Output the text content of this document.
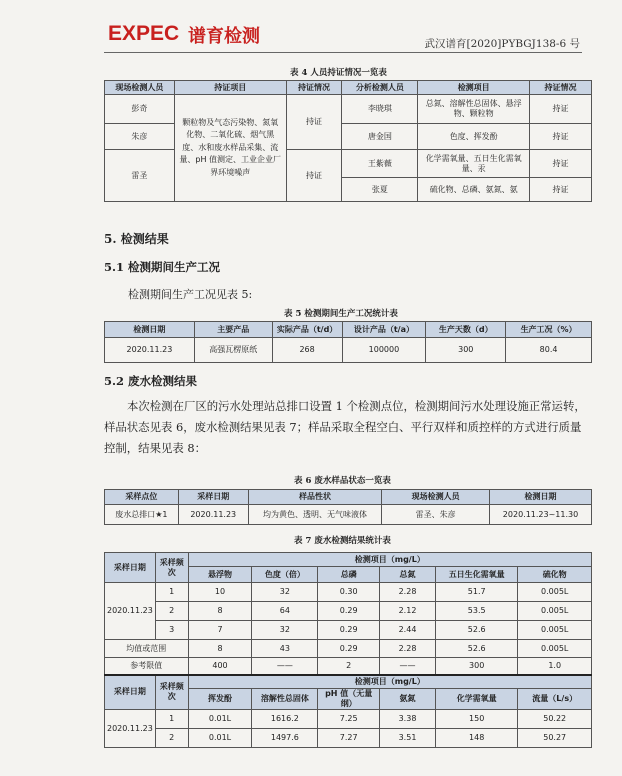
EXPEC 谱育检测	武汉谱育[2020]PYBGJ138-6 号
表 4 人员持证情况一览表
现场检测人员	持证项目	持证情况	分析检测人员	检测项目	持证情况
彭奇	颗粒物及气态污染物、氮氧化物、二氧化硫、烟气黑度、水和废水样品采集、流量、pH 值测定、工业企业厂界环境噪声	持证	李晓琪	总氮、溶解性总固体、悬浮物、颗粒物	持证
朱彦			唐金国	色度、挥发酚	持证
雷圣		持证	王紫薇	化学需氧量、五日生化需氧量、汞	持证
			张夏	硫化物、总磷、氨氮、氨	持证
5. 检测结果
5.1 检测期间生产工况
检测期间生产工况见表 5:
表 5 检测期间生产工况统计表
检测日期	主要产品	实际产品（t/d）	设计产品（t/a）	生产天数（d）	生产工况（%）
2020.11.23	高强瓦楞原纸	268	100000	300	80.4
5.2 废水检测结果
本次检测在厂区的污水处理站总排口设置 1 个检测点位，检测期间污水处理设施正常运转，样品状态见表 6，废水检测结果见表 7；样品采取全程空白、平行双样和质控样的方式进行质量控制，结果见表 8：
表 6 废水样品状态一览表
采样点位	采样日期	样品性状	现场检测人员	检测日期
废水总排口★1	2020.11.23	均为黄色、透明、无气味液体	雷圣、朱彦	2020.11.23~11.30
表 7 废水检测结果统计表
采样日期	采样频次	检测项目（mg/L）					
		悬浮物	色度（倍）	总磷	总氮	五日生化需氧量	硫化物
2020.11.23	1	10	32	0.30	2.28	51.7	0.005L
	2	8	64	0.29	2.12	53.5	0.005L
	3	7	32	0.29	2.44	52.6	0.005L
均值或范围		8	43	0.29	2.28	52.6	0.005L
参考限值		400	——	2	——	300	1.0
采样日期	采样频次	检测项目（mg/L）					
		挥发酚	溶解性总固体	pH 值（无量纲）	氨氮	化学需氧量	流量（L/s）
2020.11.23	1	0.01L	1616.2	7.25	3.38	150	50.22
	2	0.01L	1497.6	7.27	3.51	148	50.27
